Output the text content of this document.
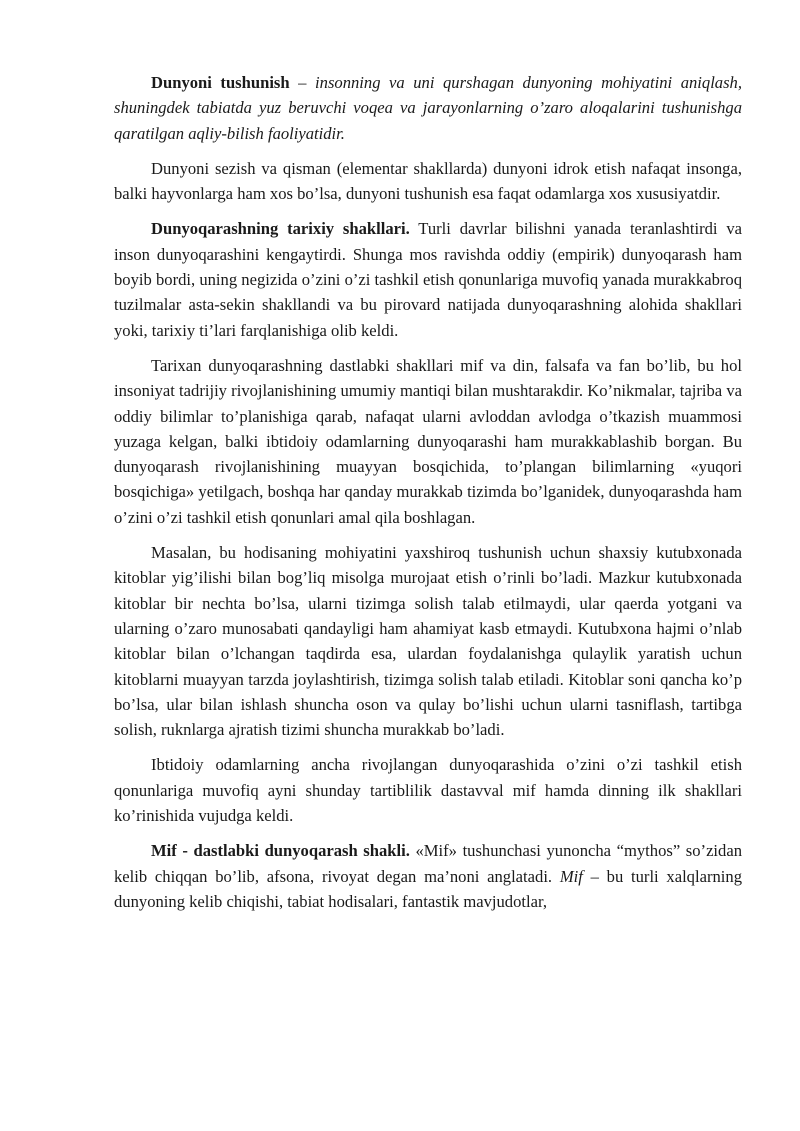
Dunyoni tushunish – insonning va uni qurshagan dunyoning mohiyatini aniqlash, shuningdek tabiatda yuz beruvchi voqea va jarayonlarning o’zaro aloqalarini tushunishga qaratilgan aqliy-bilish faoliyatidir.

Dunyoni sezish va qisman (elementar shakllarda) dunyoni idrok etish nafaqat insonga, balki hayvonlarga ham xos bo’lsa, dunyoni tushunish esa faqat odamlarga xos xususiyatdir.

Dunyoqarashning tarixiy shakllari. Turli davrlar bilishni yanada teranlashtirdi va inson dunyoqarashini kengaytirdi. Shunga mos ravishda oddiy (empirik) dunyoqarash ham boyib bordi, uning negizida o’zini o’zi tashkil etish qonunlariga muvofiq yanada murakkabroq tuzilmalar asta-sekin shakllandi va bu pirovard natijada dunyoqarashning alohida shakllari yoki, tarixiy ti’lari farqlanishiga olib keldi.

Tarixan dunyoqarashning dastlabki shakllari mif va din, falsafa va fan bo’lib, bu hol insoniyat tadrijiy rivojlanishining umumiy mantiqi bilan mushtarakdir. Ko’nikmalar, tajriba va oddiy bilimlar to’planishiga qarab, nafaqat ularni avloddan avlodga o’tkazish muammosi yuzaga kelgan, balki ibtidoiy odamlarning dunyoqarashi ham murakkablashib borgan. Bu dunyoqarash rivojlanishining muayyan bosqichida, to’plangan bilimlarning «yuqori bosqichiga» yetilgach, boshqa har qanday murakkab tizimda bo’lganidek, dunyoqarashda ham o’zini o’zi tashkil etish qonunlari amal qila boshlagan.

Masalan, bu hodisaning mohiyatini yaxshiroq tushunish uchun shaxsiy kutubxonada kitoblar yig’ilishi bilan bog’liq misolga murojaat etish o’rinli bo’ladi. Mazkur kutubxonada kitoblar bir nechta bo’lsa, ularni tizimga solish talab etilmaydi, ular qaerda yotgani va ularning o’zaro munosabati qandayligi ham ahamiyat kasb etmaydi. Kutubxona hajmi o’nlab kitoblar bilan o’lchangan taqdirda esa, ulardan foydalanishga qulaylik yaratish uchun kitoblarni muayyan tarzda joylashtirish, tizimga solish talab etiladi. Kitoblar soni qancha ko’p bo’lsa, ular bilan ishlash shuncha oson va qulay bo’lishi uchun ularni tasniflash, tartibga solish, ruknlarga ajratish tizimi shuncha murakkab bo’ladi.

Ibtidoiy odamlarning ancha rivojlangan dunyoqarashida o’zini o’zi tashkil etish qonunlariga muvofiq ayni shunday tartiblilik dastavval mif hamda dinning ilk shakllari ko’rinishida vujudga keldi.

Mif - dastlabki dunyoqarash shakli. «Mif» tushunchasi yunoncha “mythos” so’zidan kelib chiqqan bo’lib, afsona, rivoyat degan ma’noni anglatadi. Mif – bu turli xalqlarning dunyoning kelib chiqishi, tabiat hodisalari, fantastik mavjudotlar,
